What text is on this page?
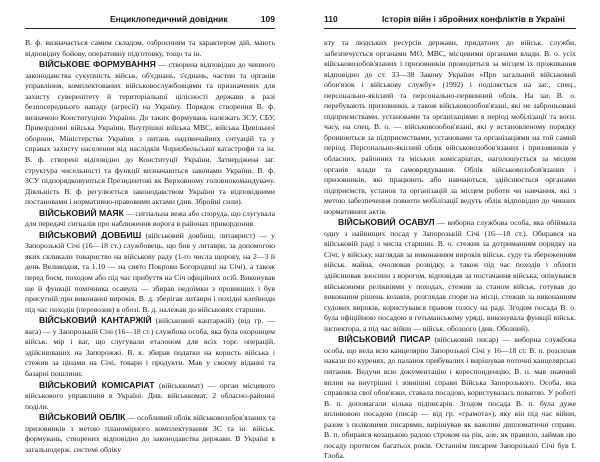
Енциклопедичний довідник	109

В. ф. визначається самим складом, озброєнням та характером дій, мають відповідну бойову, оперативну підготовку, тощо та ін.

ВІЙСЬКОВЕ ФОРМУВАННЯ — створена відповідно до чинного законодавства сукупність військ, об'єднань, з'єднань, частин та органів управління, комплектованих військовослужбовцями та призначених для захисту суверенітету й територіальної цілісності держави в разі безпосереднього нападу (агресії) на Україну. Порядок створення В. ф. визначено Конституцією України. До таких формувань належать ЗСУ, СБУ, Прикордонні війська України, Внутрішні війська МВС, війська Цивільної оборони, Міністерства України з питань надзвичайних ситуацій та у справах захисту населення від наслідків Чорнобильської катастрофи та ін. В. ф. створені відповідно до Конституції України. Затверджена заг. структура чисельності та функції визначаються законами України. В. ф. ЗСУ підпорядковуються Президентові як Верховному головнокомандувачу. Діяльність В. ф. регулюється законодавством України та відповідними постановами і нормативно-правовими актами (див. Збройні сили).

ВІЙСЬКОВИЙ МАЯК — сигнальна вежа або споруда, що слугувала для передачі сигналів про наближення ворога в районах прикордоння.

ВІЙСЬКОВИЙ ДОВБИШ (військовий довбиш, литаврист) — у Запорозькій Січі (16—18 ст.) службовець, що бив у литаври, за допомогою яких скликали товариство на військову раду (1-го числа щороку, на 2—3 й день Великодня, та 1.10 — на свято Покрови Богородиці на Січі), а також перед боєм, походом або під час прибуття на Січ офіційних осіб. Виконував ще й функції помічника осавула — збирав недоїмки з провинних і був присутній при виконанні вироків. В. д. зберігав литаври і похідні клейноди під час походів (перевозив) в обозі. В. д. належав до військових старшин.

ВІЙСЬКОВИЙ КАНТАРЖІЙ (військовий кантаржій) (від гр. — вага) — у Запорозькій Січі (16—18 ст.) службова особа, яка була охоронцем військ. мір і ваг, що слугували еталоном для всіх торг. операцій, здійснюваних на Запорожжі. В. к. збирав податки на користь війська і стежив за цінами на Січі, товари і продукти. Мав у своєму віданні та базарні пошлини.

ВІЙСЬКОВИЙ КОМІСАРІАТ (військкомат) — орган місцевого військового управління в Україні. Див. військкомат, 2 обласно-районні поділи.

ВІЙСЬКОВИЙ ОБЛІК — особливий облік військовозобов'язаних та призовників з метою планомірного комплектування ЗС та ін. військ. формувань, створених відповідно до законодавства держави. В Україні в загальнодерж. системі обліку

110	Історія війн і збройних конфліктів в Україні

кту та людських ресурсів держави, придатних до військ. служби, забезпечується органами МО, МВС, місцевими органами влади. В. о. усіх військовозобов'язаних і призовників проводиться за місцем їх проживання відповідно до ст. 33—38 Закону України «Про загальний військовий обов'язок і військову службу» (1992) і поділяється на заг., спец., персонально-якісний та персонально-первинний облік. На заг. В. о. перебувають призовники, а також військовозобов'язані, які не заброньовані підприємствами, установами та організаціями в період мобілізації та воєн. часу, на спец. В. о. — військовозобов'язані, які у встановленому порядку бронюються за підприємствами, установами та організаціями на той самий період. Персонально-якісний облік військовозобов'язаних і призовників у обласних, районних та міських комісаріатах, наголошується за місцем органів влади та самоврядування. Облік військовозобов'язаних і призовників, які працюють або навчаються, здійснюється органами підприємств, установ та організацій за місцем роботи чи навчання, які з метою забезпечення повноти мобілізації ведуть облік відповідно до чинних нормативних актів.

ВІЙСЬКОВИЙ ОСАВУЛ — виборна службова особа, яка обіймала одну з найвищих посад у Запорозькій Січі (16—18 ст.). Обирався на військовій раді з числа старшин. В. о. стежив за дотриманням порядку на Січі, у війську, наглядав за виконанням вироків військ. суду та збереженням військ. майна, очолював розвідку, а також під час походів і облоги здійснював зносини з ворогом, відповідав за постачання війська, опікувався військовими реліквіями у походах, стежив за станом військ, готував до виконання рішень козаків, розглядав спори на місці, стежив за виконанням судових вироків, користувався правом голосу на раді. Згодом посада В. о. була офіційною посадою в гетьманському уряді, виконувала функції військ. інспектора, а під час війни — військ. обозного (див. Обозний).

ВІЙСЬКОВИЙ ПИСАР (військовий писар) — виборна службова особа, що вела всю канцелярію Запорозької Січі у 16—18 ст. В. п. розсилав накази по куренях, до паланок прибувалих і вирішував поточні канцелярські питання. Ведучи всю документацію і кореспонденцію, В. п. мав значний вплив на внутрішні і зовнішні справи Війська Запорозького. Особа, яка справляла свої обов'язки, ставала посадою, користувалась повагою. У роботі В. п. допомагали кілька підписарів. Згодом посада В. п. була дуже впливовою посадою (писар — від гр. «грамота»), яку він під час війни, разом з полковими писарями, вирішував як важливі дипломатичні справи. В. п. обирався козацькою радою строком на рік, але, як правило, займав цю посаду протягом багатьох років. Останнім писарем Запорозької Січі був І. Глоба.
